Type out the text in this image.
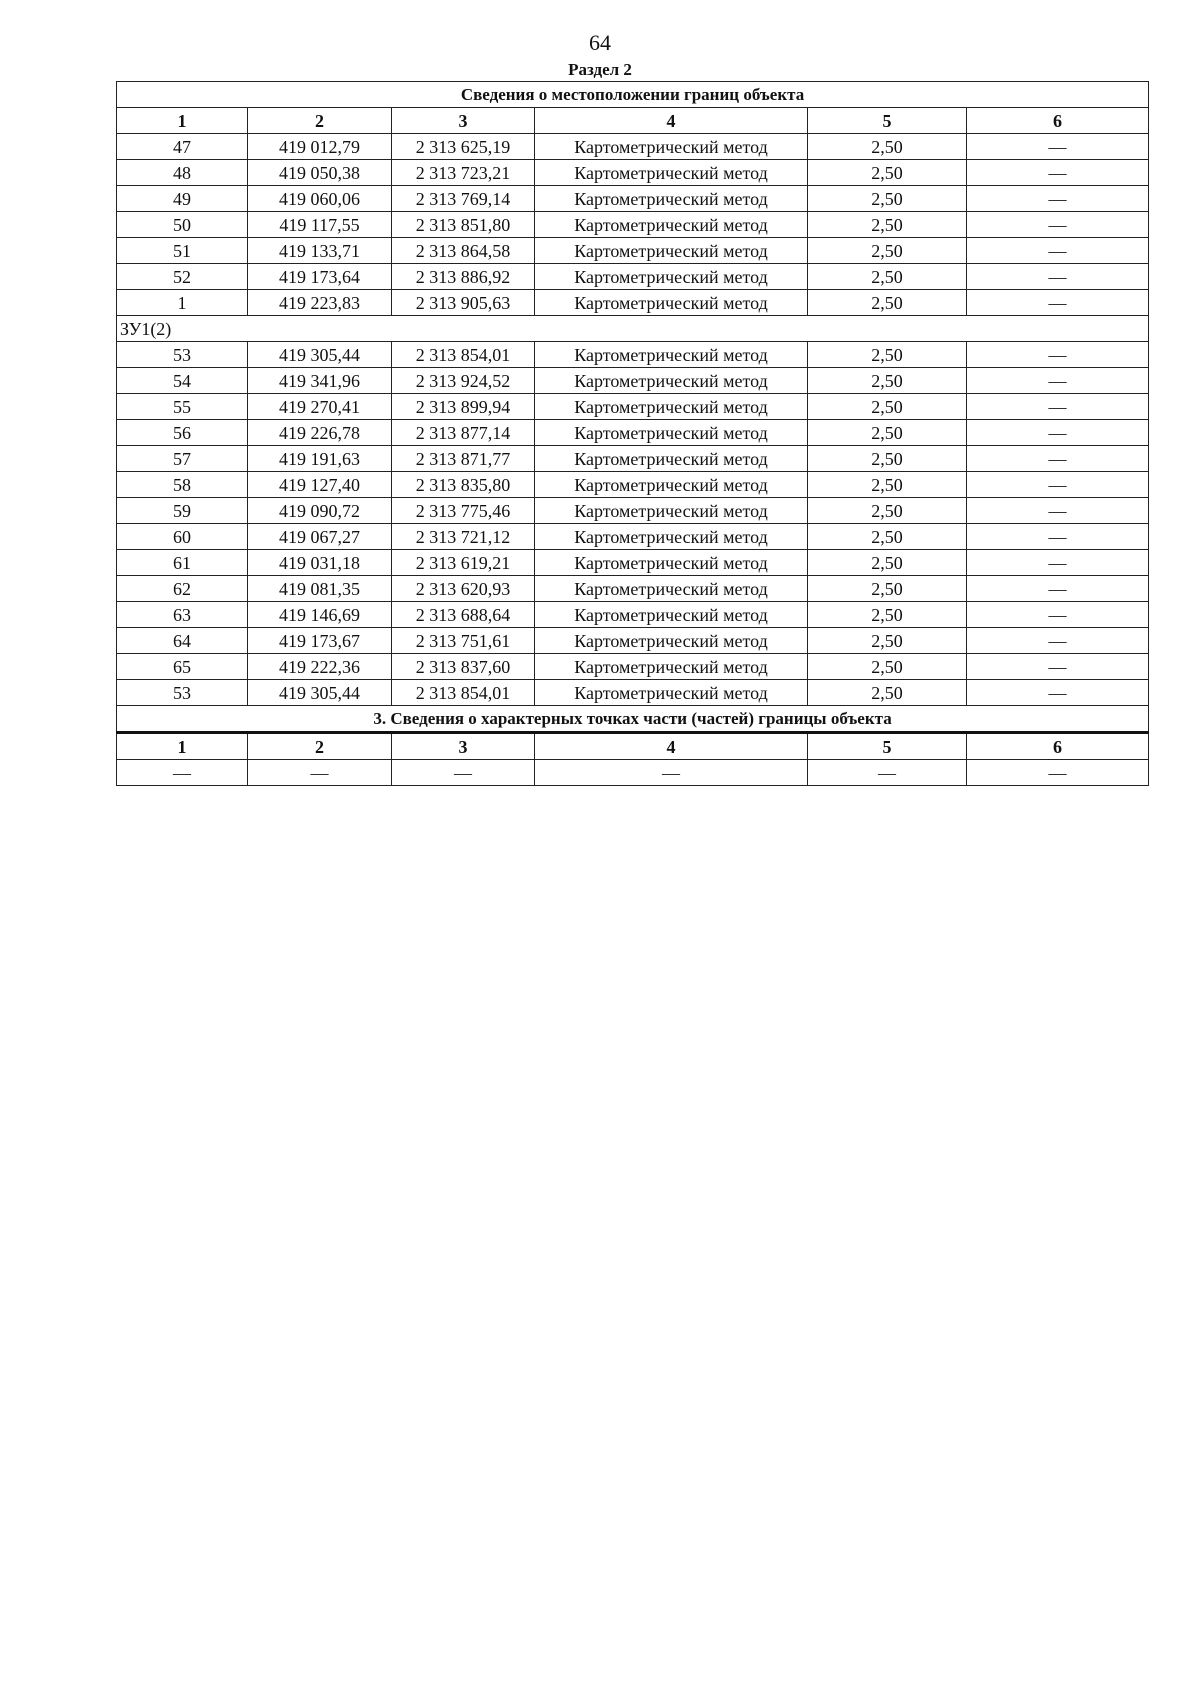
64
Раздел 2
Сведения о местоположении границ объекта					
1	2	3	4	5	6
47	419 012,79	2 313 625,19	Картометрический метод	2,50	—
48	419 050,38	2 313 723,21	Картометрический метод	2,50	—
49	419 060,06	2 313 769,14	Картометрический метод	2,50	—
50	419 117,55	2 313 851,80	Картометрический метод	2,50	—
51	419 133,71	2 313 864,58	Картометрический метод	2,50	—
52	419 173,64	2 313 886,92	Картометрический метод	2,50	—
1	419 223,83	2 313 905,63	Картометрический метод	2,50	—
ЗУ1(2)					
53	419 305,44	2 313 854,01	Картометрический метод	2,50	—
54	419 341,96	2 313 924,52	Картометрический метод	2,50	—
55	419 270,41	2 313 899,94	Картометрический метод	2,50	—
56	419 226,78	2 313 877,14	Картометрический метод	2,50	—
57	419 191,63	2 313 871,77	Картометрический метод	2,50	—
58	419 127,40	2 313 835,80	Картометрический метод	2,50	—
59	419 090,72	2 313 775,46	Картометрический метод	2,50	—
60	419 067,27	2 313 721,12	Картометрический метод	2,50	—
61	419 031,18	2 313 619,21	Картометрический метод	2,50	—
62	419 081,35	2 313 620,93	Картометрический метод	2,50	—
63	419 146,69	2 313 688,64	Картометрический метод	2,50	—
64	419 173,67	2 313 751,61	Картометрический метод	2,50	—
65	419 222,36	2 313 837,60	Картометрический метод	2,50	—
53	419 305,44	2 313 854,01	Картометрический метод	2,50	—
3. Сведения о характерных точках части (частей) границы объекта					
1	2	3	4	5	6
—	—	—	—	—	—
